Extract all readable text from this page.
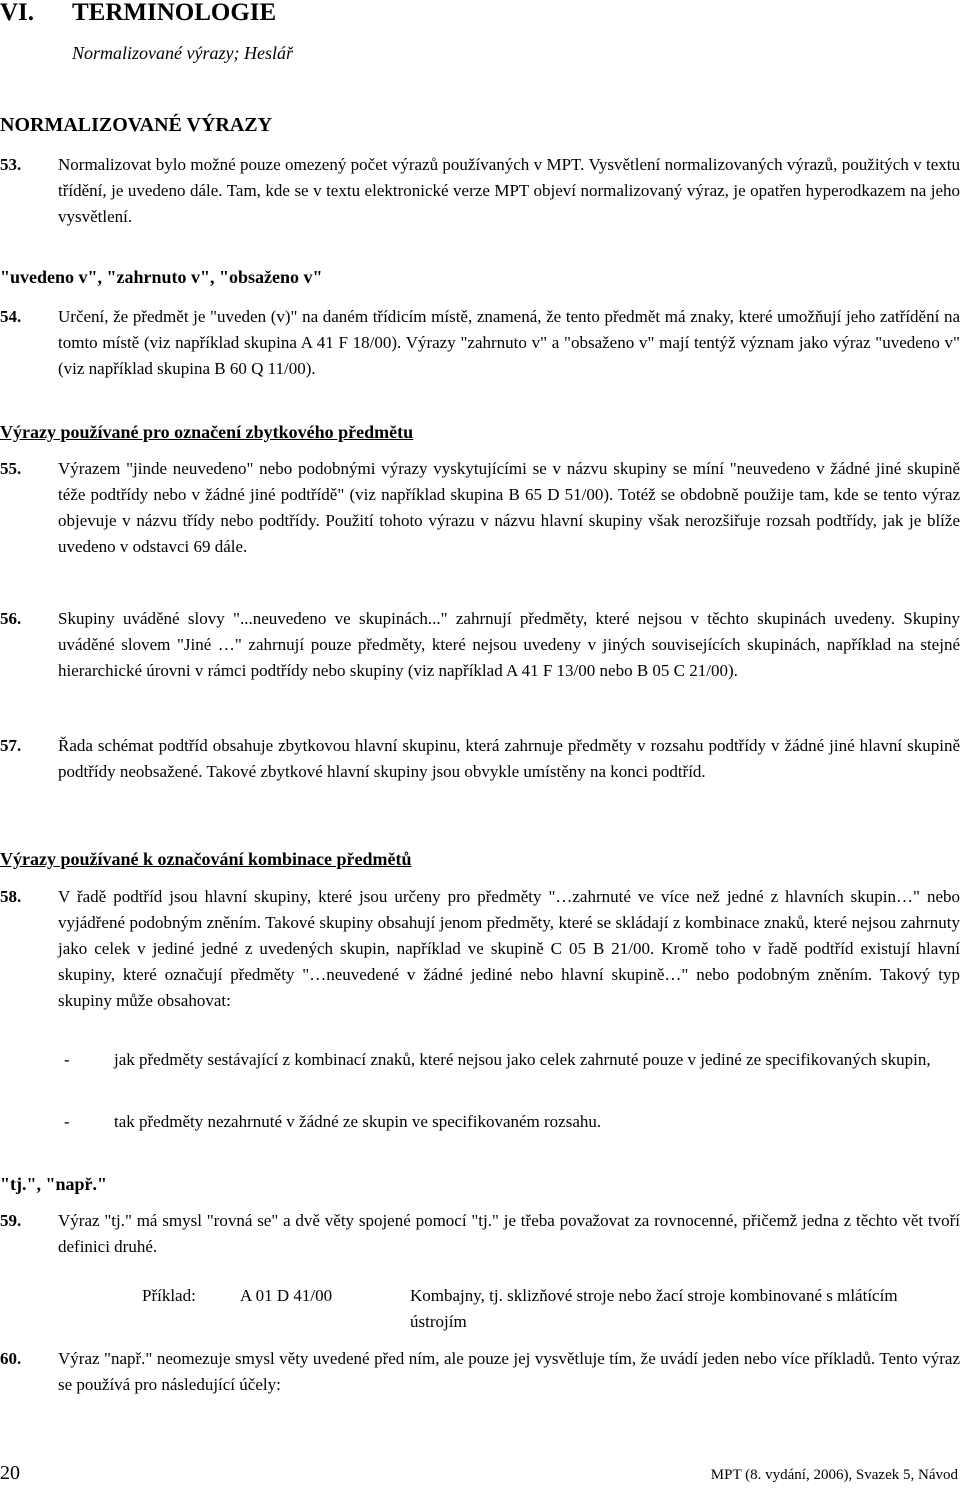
VI. TERMINOLOGIE
Normalizované výrazy; Heslář
NORMALIZOVANÉ VÝRAZY
53.	Normalizovat bylo možné pouze omezený počet výrazů používaných v MPT. Vysvětlení normalizovaných výrazů, použitých v textu třídění, je uvedeno dále. Tam, kde se v textu elektronické verze MPT objeví normalizovaný výraz, je opatřen hyperodkazem na jeho vysvětlení.
"uvedeno v", "zahrnuto v", "obsaženo v"
54.	Určení, že předmět je "uveden (v)" na daném třídicím místě, znamená, že tento předmět má znaky, které umožňují jeho zatřídění na tomto místě (viz například skupina A 41 F 18/00). Výrazy "zahrnuto v" a "obsaženo v" mají tentýž význam jako výraz "uvedeno v" (viz například skupina B 60 Q 11/00).
Výrazy používané pro označení zbytkového předmětu
55.	Výrazem "jinde neuvedeno" nebo podobnými výrazy vyskytujícími se v názvu skupiny se míní "neuvedeno v žádné jiné skupině téže podtřídy nebo v žádné jiné podtřídě" (viz například skupina B 65 D 51/00). Totéž se obdobně použije tam, kde se tento výraz objevuje v názvu třídy nebo podtřídy. Použití tohoto výrazu v názvu hlavní skupiny však nerozšiřuje rozsah podtřídy, jak je blíže uvedeno v odstavci 69 dále.
56.	Skupiny uváděné slovy "...neuvedeno ve skupinách..." zahrnují předměty, které nejsou v těchto skupinách uvedeny. Skupiny uváděné slovem "Jiné …" zahrnují pouze předměty, které nejsou uvedeny v jiných souvisejících skupinách, například na stejné hierarchické úrovni v rámci podtřídy nebo skupiny (viz například A 41 F 13/00 nebo B 05 C 21/00).
57.	Řada schémat podtříd obsahuje zbytkovou hlavní skupinu, která zahrnuje předměty v rozsahu podtřídy v žádné jiné hlavní skupině podtřídy neobsažené. Takové zbytkové hlavní skupiny jsou obvykle umístěny na konci podtříd.
Výrazy používané k označování kombinace předmětů
58.	V řadě podtříd jsou hlavní skupiny, které jsou určeny pro předměty "…zahrnuté ve více než jedné z hlavních skupin…" nebo vyjádřené podobným zněním. Takové skupiny obsahují jenom předměty, které se skládají z kombinace znaků, které nejsou zahrnuty jako celek v jediné jedné z uvedených skupin, například ve skupině C 05 B 21/00. Kromě toho v řadě podtříd existují hlavní skupiny, které označují předměty "…neuvedené v žádné jediné nebo hlavní skupině…" nebo podobným zněním. Takový typ skupiny může obsahovat:
-	jak předměty sestávající z kombinací znaků, které nejsou jako celek zahrnuté pouze v jediné ze specifikovaných skupin,
-	tak předměty nezahrnuté v žádné ze skupin ve specifikovaném rozsahu.
"tj.", "např."
59.	Výraz "tj." má smysl "rovná se" a dvě věty spojené pomocí "tj." je třeba považovat za rovnocenné, přičemž jedna z těchto vět tvoří definici druhé.
Příklad:	A 01 D 41/00	Kombajny, tj. sklizňové stroje nebo žací stroje kombinované s mlátícím ústrojím
60.	Výraz "např." neomezuje smysl věty uvedené před ním, ale pouze jej vysvětluje tím, že uvádí jeden nebo více příkladů. Tento výraz se používá pro následující účely:
20	MPT (8. vydání, 2006), Svazek 5, Návod
